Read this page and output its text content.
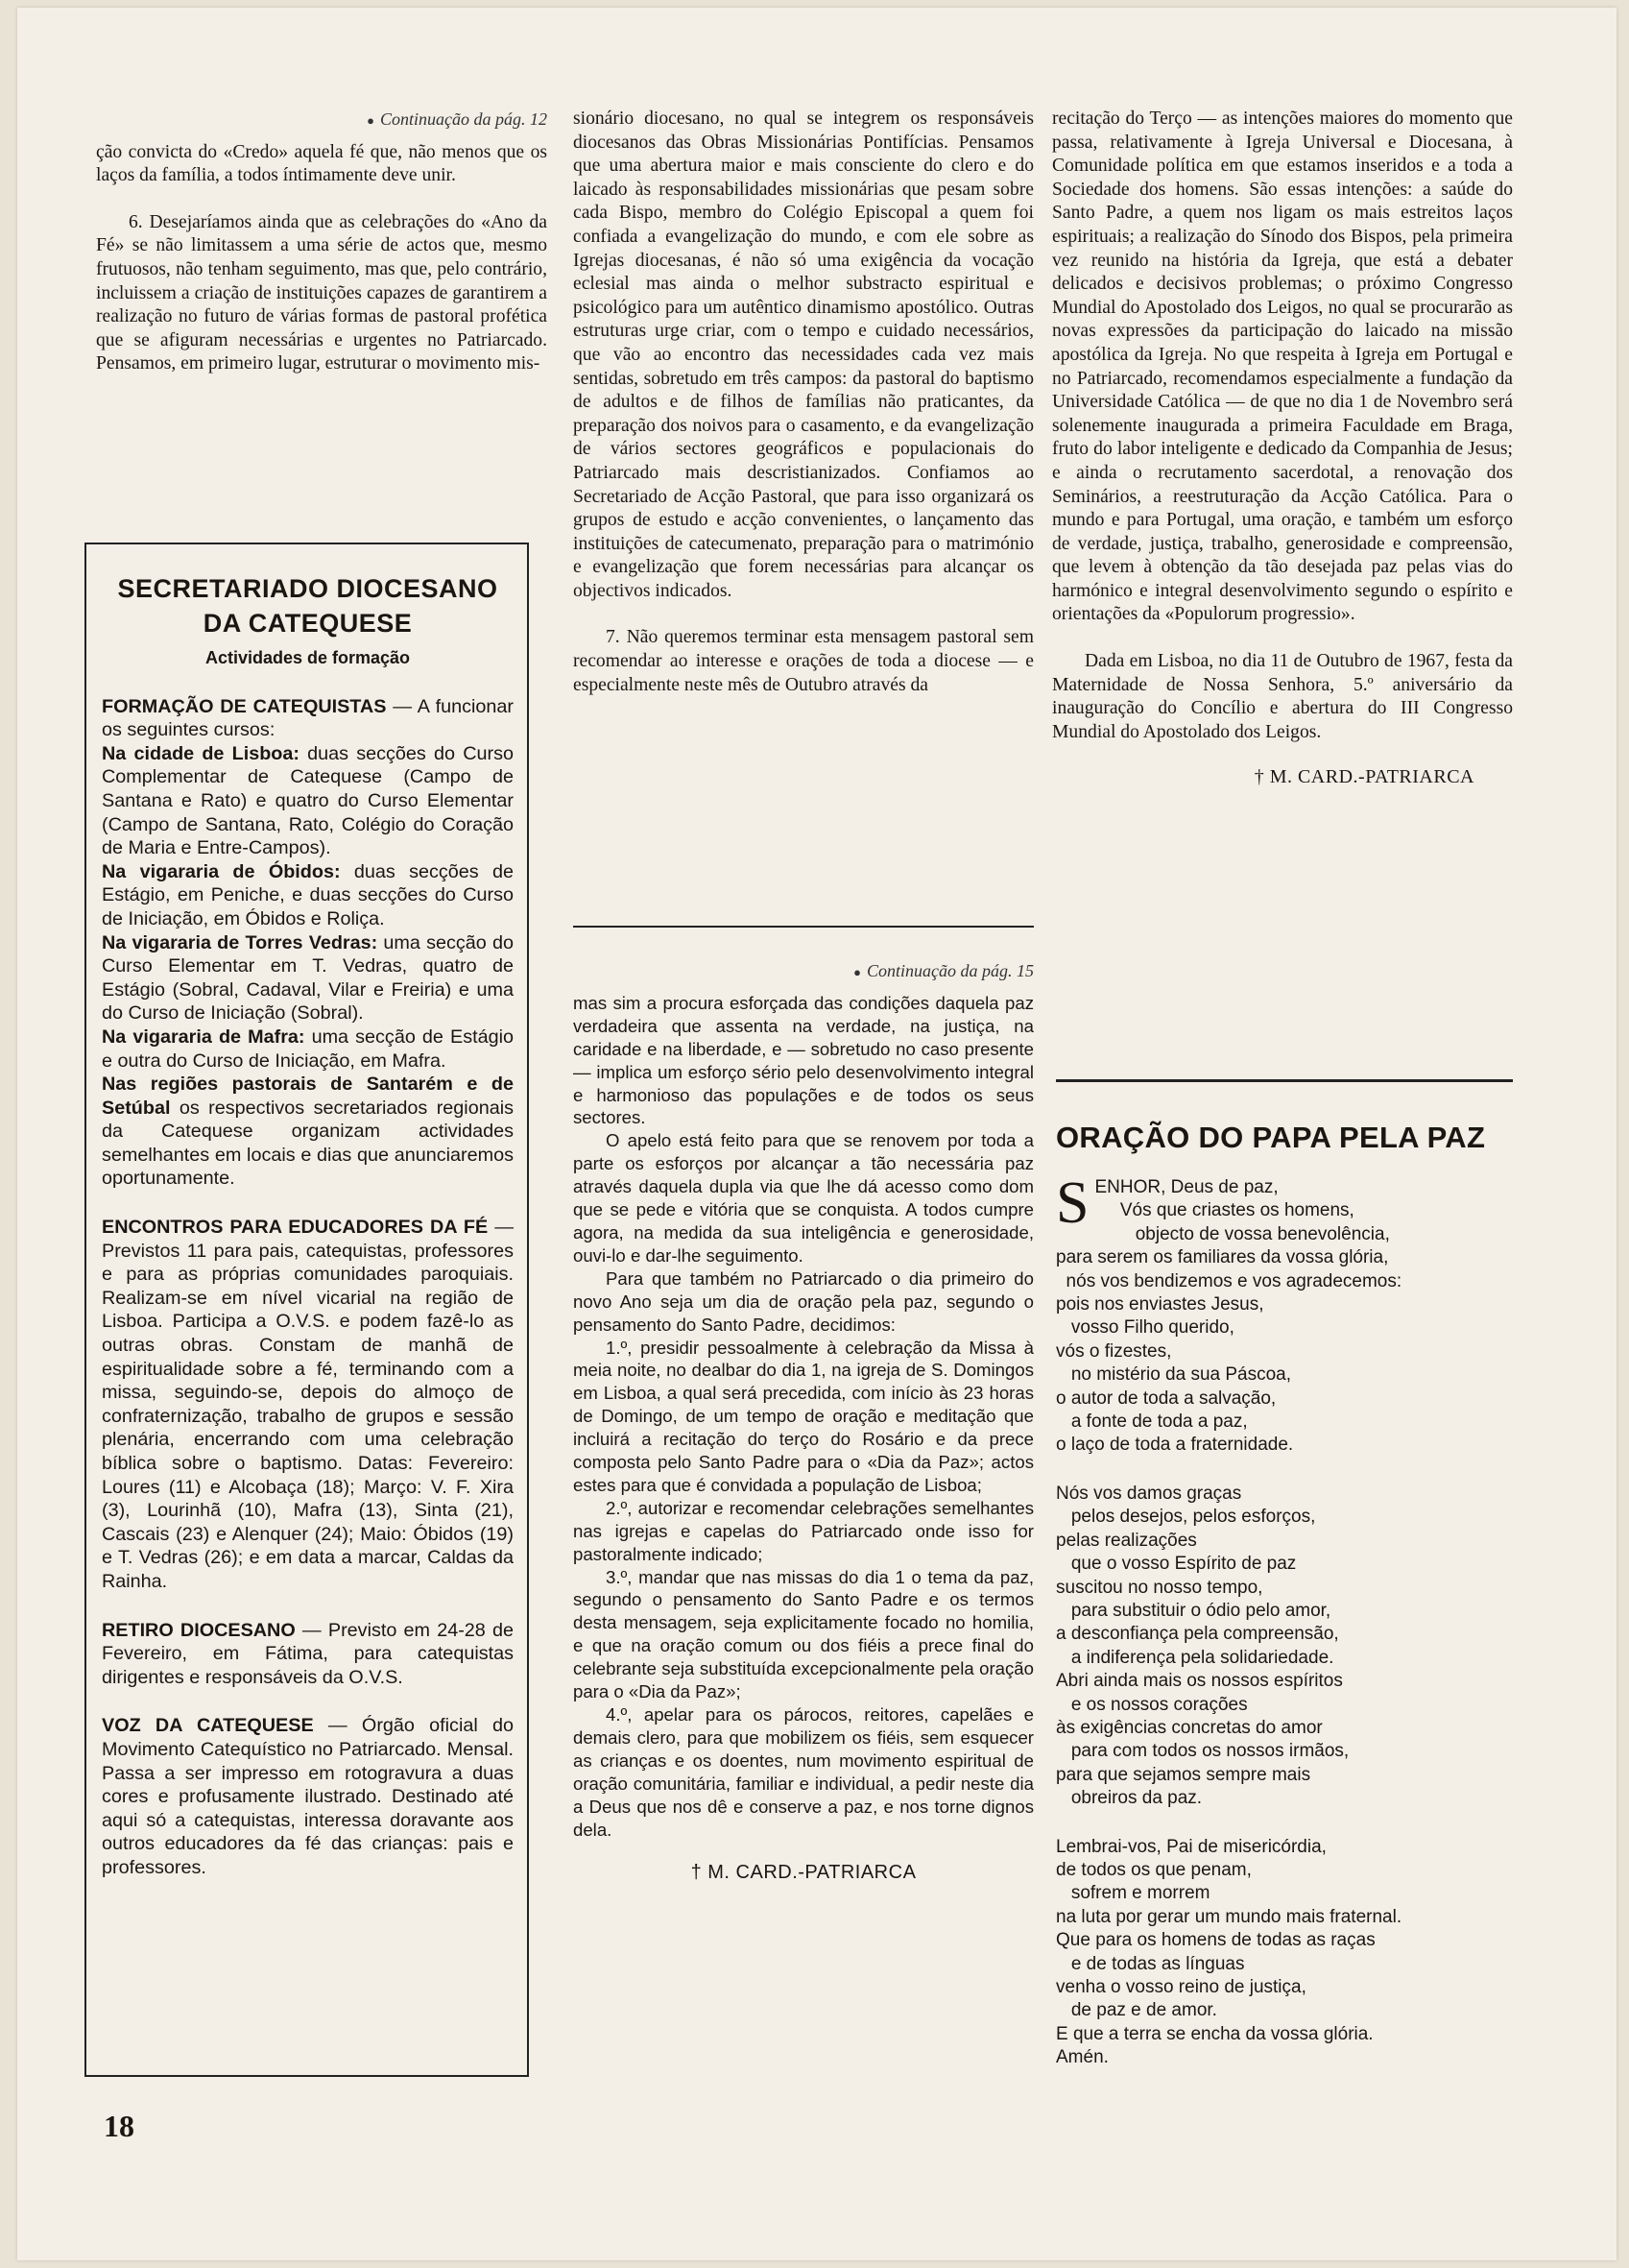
● Continuação da pág. 12

ção convicta do «Credo» aquela fé que, não menos que os laços da família, a todos íntimamente deve unir.

6. Desejaríamos ainda que as celebrações do «Ano da Fé» se não limitassem a uma série de actos que, mesmo frutuosos, não tenham seguimento, mas que, pelo contrário, incluissem a criação de instituições capazes de garantirem a realização no futuro de várias formas de pastoral profética que se afiguram necessárias e urgentes no Patriarcado. Pensamos, em primeiro lugar, estruturar o movimento mis-

SECRETARIADO DIOCESANO DA CATEQUESE
Actividades de formação
FORMAÇÃO DE CATEQUISTAS — A funcionar os seguintes cursos:
Na cidade de Lisboa: duas secções do Curso Complementar de Catequese (Campo de Santana e Rato) e quatro do Curso Elementar (Campo de Santana, Rato, Colégio do Coração de Maria e Entre-Campos).
Na vigararia de Óbidos: duas secções de Estágio, em Peniche, e duas secções do Curso de Iniciação, em Óbidos e Roliça.
Na vigararia de Torres Vedras: uma secção do Curso Elementar em T. Vedras, quatro de Estágio (Sobral, Cadaval, Vilar e Freiria) e uma do Curso de Iniciação (Sobral).
Na vigararia de Mafra: uma secção de Estágio e outra do Curso de Iniciação, em Mafra.
Nas regiões pastorais de Santarém e de Setúbal os respectivos secretariados regionais da Catequese organizam actividades semelhantes em locais e dias que anunciaremos oportunamente.
ENCONTROS PARA EDUCADORES DA FÉ — Previstos 11 para pais, catequistas, professores e para as próprias comunidades paroquiais. Realizam-se em nível vicarial na região de Lisboa. Participa a O.V.S. e podem fazê-lo as outras obras. Constam de manhã de espiritualidade sobre a fé, terminando com a missa, seguindo-se, depois do almoço de confraternização, trabalho de grupos e sessão plenária, encerrando com uma celebração bíblica sobre o baptismo. Datas: Fevereiro: Loures (11) e Alcobaça (18); Março: V. F. Xira (3), Lourinhã (10), Mafra (13), Sinta (21), Cascais (23) e Alenquer (24); Maio: Óbidos (19) e T. Vedras (26); e em data a marcar, Caldas da Rainha.
RETIRO DIOCESANO — Previsto em 24-28 de Fevereiro, em Fátima, para catequistas dirigentes e responsáveis da O.V.S.
VOZ DA CATEQUESE — Órgão oficial do Movimento Catequístico no Patriarcado. Mensal. Passa a ser impresso em rotogravura a duas cores e profusamente ilustrado. Destinado até aqui só a catequistas, interessa doravante aos outros educadores da fé das crianças: pais e professores.

sionário diocesano, no qual se integrem os responsáveis diocesanos das Obras Missionárias Pontifícias. Pensamos que uma abertura maior e mais consciente do clero e do laicado às responsabilidades missionárias que pesam sobre cada Bispo, membro do Colégio Episcopal a quem foi confiada a evangelização do mundo, e com ele sobre as Igrejas diocesanas, é não só uma exigência da vocação eclesial mas ainda o melhor substracto espiritual e psicológico para um autêntico dinamismo apostólico. Outras estruturas urge criar, com o tempo e cuidado necessários, que vão ao encontro das necessidades cada vez mais sentidas, sobretudo em três campos: da pastoral do baptismo de adultos e de filhos de famílias não praticantes, da preparação dos noivos para o casamento, e da evangelização de vários sectores geográficos e populacionais do Patriarcado mais descristianizados. Confiamos ao Secretariado de Acção Pastoral, que para isso organizará os grupos de estudo e acção convenientes, o lançamento das instituições de catecumenato, preparação para o matrimónio e evangelização que forem necessárias para alcançar os objectivos indicados.

7. Não queremos terminar esta mensagem pastoral sem recomendar ao interesse e orações de toda a diocese — e especialmente neste mês de Outubro através da

● Continuação da pág. 15

mas sim a procura esforçada das condições daquela paz verdadeira que assenta na verdade, na justiça, na caridade e na liberdade, e — sobretudo no caso presente — implica um esforço sério pelo desenvolvimento integral e harmonioso das populações e de todos os seus sectores.

O apelo está feito para que se renovem por toda a parte os esforços por alcançar a tão necessária paz através daquela dupla via que lhe dá acesso como dom que se pede e vitória que se conquista. A todos cumpre agora, na medida da sua inteligência e generosidade, ouvi-lo e dar-lhe seguimento.

Para que também no Patriarcado o dia primeiro do novo Ano seja um dia de oração pela paz, segundo o pensamento do Santo Padre, decidimos:

1.º, presidir pessoalmente à celebração da Missa à meia noite, no dealbar do dia 1, na igreja de S. Domingos em Lisboa, a qual será precedida, com início às 23 horas de Domingo, de um tempo de oração e meditação que incluirá a recitação do terço do Rosário e da prece composta pelo Santo Padre para o «Dia da Paz»; actos estes para que é convidada a população de Lisboa;

2.º, autorizar e recomendar celebrações semelhantes nas igrejas e capelas do Patriarcado onde isso for pastoralmente indicado;

3.º, mandar que nas missas do dia 1 o tema da paz, segundo o pensamento do Santo Padre e os termos desta mensagem, seja explicitamente focado no homilia, e que na oração comum ou dos fiéis a prece final do celebrante seja substituída excepcionalmente pela oração para o «Dia da Paz»;

4.º, apelar para os párocos, reitores, capelães e demais clero, para que mobilizem os fiéis, sem esquecer as crianças e os doentes, num movimento espiritual de oração comunitária, familiar e individual, a pedir neste dia a Deus que nos dê e conserve a paz, e nos torne dignos dela.

† M. CARD.-PATRIARCA

recitação do Terço — as intenções maiores do momento que passa, relativamente à Igreja Universal e Diocesana, à Comunidade política em que estamos inseridos e a toda a Sociedade dos homens. São essas intenções: a saúde do Santo Padre, a quem nos ligam os mais estreitos laços espirituais; a realização do Sínodo dos Bispos, pela primeira vez reunido na história da Igreja, que está a debater delicados e decisivos problemas; o próximo Congresso Mundial do Apostolado dos Leigos, no qual se procurarão as novas expressões da participação do laicado na missão apostólica da Igreja. No que respeita à Igreja em Portugal e no Patriarcado, recomendamos especialmente a fundação da Universidade Católica — de que no dia 1 de Novembro será solenemente inaugurada a primeira Faculdade em Braga, fruto do labor inteligente e dedicado da Companhia de Jesus; e ainda o recrutamento sacerdotal, a renovação dos Seminários, a reestruturação da Acção Católica. Para o mundo e para Portugal, uma oração, e também um esforço de verdade, justiça, trabalho, generosidade e compreensão, que levem à obtenção da tão desejada paz pelas vias do harmónico e integral desenvolvimento segundo o espírito e orientações da «Populorum progressio».

Dada em Lisboa, no dia 11 de Outubro de 1967, festa da Maternidade de Nossa Senhora, 5.º aniversário da inauguração do Concílio e abertura do III Congresso Mundial do Apostolado dos Leigos.

† M. CARD.-PATRIARCA
ORAÇÃO DO PAPA PELA PAZ
S ENHOR, Deus de paz,
Vós que criastes os homens,
objecto de vossa benevolência,
para serem os familiares da vossa glória,
nós vos bendizemos e vos agradecemos:
pois nos enviastes Jesus,
vosso Filho querido,
vós o fizestes,
no mistério da sua Páscoa,
o autor de toda a salvação,
a fonte de toda a paz,
o laço de toda a fraternidade.
Nós vos damos graças
pelos desejos, pelos esforços,
pelas realizações
que o vosso Espírito de paz
suscitou no nosso tempo,
para substituir o ódio pelo amor,
a desconfiança pela compreensão,
a indiferença pela solidariedade.
Abri ainda mais os nossos espíritos
e os nossos corações
às exigências concretas do amor
para com todos os nossos irmãos,
para que sejamos sempre mais
obreiros da paz.
Lembrai-vos, Pai de misericórdia,
de todos os que penam,
sofrem e morrem
na luta por gerar um mundo mais fraternal.
Que para os homens de todas as raças
e de todas as línguas
venha o vosso reino de justiça,
de paz e de amor.
E que a terra se encha da vossa glória.
Amén.
18
